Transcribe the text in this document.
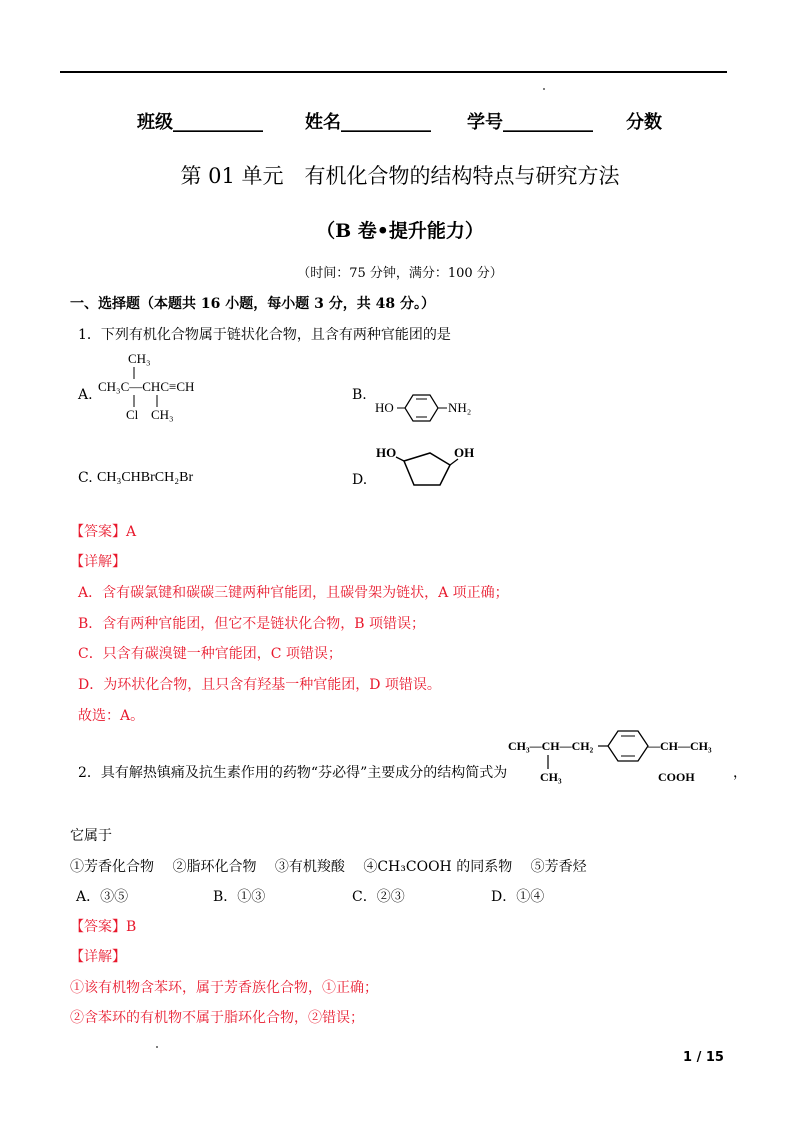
班级__________ 姓名__________ 学号__________ 分数
第 01 单元　有机化合物的结构特点与研究方法
（B 卷•提升能力）
（时间：75 分钟，满分：100 分）
一、选择题（本题共 16 小题，每小题 3 分，共 48 分。）
1．下列有机化合物属于链状化合物，且含有两种官能团的是
A.
CH₃
CH₃C—CHC≡CH
Cl CH₃
B.
HO	NH₂
C. CH₃CHBrCH₂Br	D.
HO	OH
【答案】A
【详解】
A．含有碳氯键和碳碳三键两种官能团，且碳骨架为链状，A 项正确；
B．含有两种官能团，但它不是链状化合物，B 项错误；
C．只含有碳溴键一种官能团，C 项错误；
D．为环状化合物，且只含有羟基一种官能团，D 项错误。
故选：A。
CH₃—CH—CH₂
CH₃
—CH—CH₃
COOH
2．具有解热镇痛及抗生素作用的药物“芬必得”主要成分的结构简式为	，
它属于
①芳香化合物　 ②脂环化合物　 ③有机羧酸　 ④CH₃COOH 的同系物　 ⑤芳香烃
A．③⑤	B．①③	C．②③	D．①④
【答案】B
【详解】
①该有机物含苯环，属于芳香族化合物，①正确；
②含苯环的有机物不属于脂环化合物，②错误；
1 / 15
